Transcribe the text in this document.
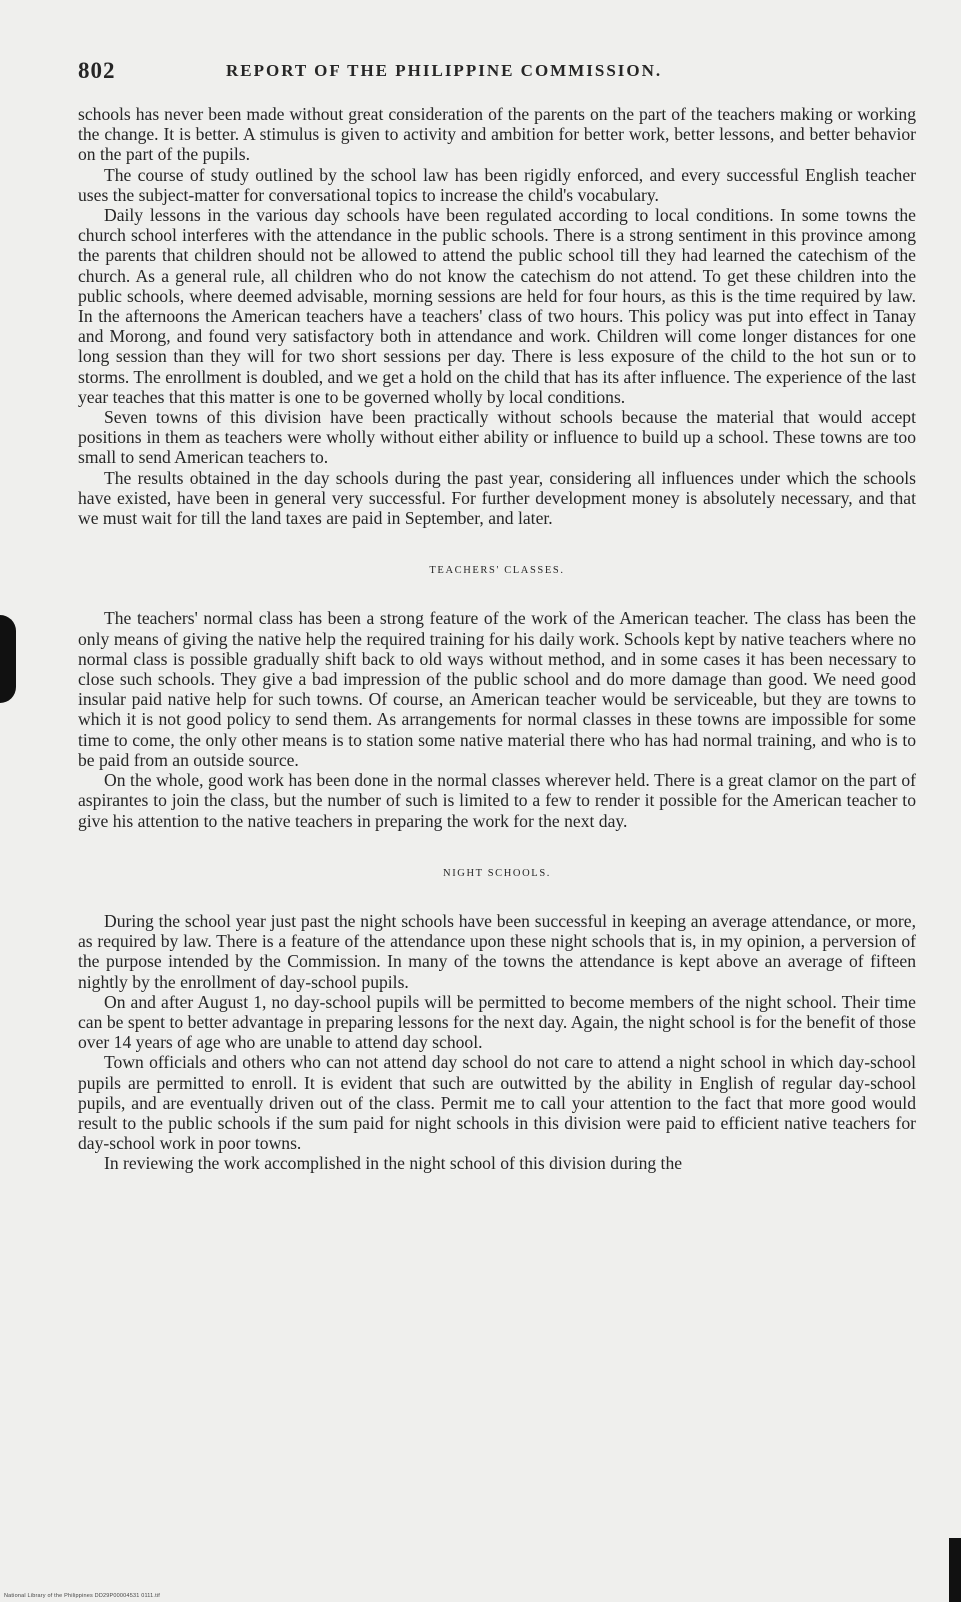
802	REPORT OF THE PHILIPPINE COMMISSION.

schools has never been made without great consideration of the parents on the part of the teachers making or working the change. It is better. A stimulus is given to activity and ambition for better work, better lessons, and better behavior on the part of the pupils.

The course of study outlined by the school law has been rigidly enforced, and every successful English teacher uses the subject-matter for conversational topics to increase the child's vocabulary.

Daily lessons in the various day schools have been regulated according to local conditions. In some towns the church school interferes with the attendance in the public schools. There is a strong sentiment in this province among the parents that children should not be allowed to attend the public school till they had learned the catechism of the church. As a general rule, all children who do not know the catechism do not attend. To get these children into the public schools, where deemed advisable, morning sessions are held for four hours, as this is the time required by law. In the afternoons the American teachers have a teachers' class of two hours. This policy was put into effect in Tanay and Morong, and found very satisfactory both in attendance and work. Children will come longer distances for one long session than they will for two short sessions per day. There is less exposure of the child to the hot sun or to storms. The enrollment is doubled, and we get a hold on the child that has its after influence. The experience of the last year teaches that this matter is one to be governed wholly by local conditions.

Seven towns of this division have been practically without schools because the material that would accept positions in them as teachers were wholly without either ability or influence to build up a school. These towns are too small to send American teachers to.

The results obtained in the day schools during the past year, considering all influences under which the schools have existed, have been in general very successful. For further development money is absolutely necessary, and that we must wait for till the land taxes are paid in September, and later.

TEACHERS' CLASSES.

The teachers' normal class has been a strong feature of the work of the American teacher. The class has been the only means of giving the native help the required training for his daily work. Schools kept by native teachers where no normal class is possible gradually shift back to old ways without method, and in some cases it has been necessary to close such schools. They give a bad impression of the public school and do more damage than good. We need good insular paid native help for such towns. Of course, an American teacher would be serviceable, but they are towns to which it is not good policy to send them. As arrangements for normal classes in these towns are impossible for some time to come, the only other means is to station some native material there who has had normal training, and who is to be paid from an outside source.

On the whole, good work has been done in the normal classes wherever held. There is a great clamor on the part of aspirantes to join the class, but the number of such is limited to a few to render it possible for the American teacher to give his attention to the native teachers in preparing the work for the next day.

NIGHT SCHOOLS.

During the school year just past the night schools have been successful in keeping an average attendance, or more, as required by law. There is a feature of the attendance upon these night schools that is, in my opinion, a perversion of the purpose intended by the Commission. In many of the towns the attendance is kept above an average of fifteen nightly by the enrollment of day-school pupils.

On and after August 1, no day-school pupils will be permitted to become members of the night school. Their time can be spent to better advantage in preparing lessons for the next day. Again, the night school is for the benefit of those over 14 years of age who are unable to attend day school.

Town officials and others who can not attend day school do not care to attend a night school in which day-school pupils are permitted to enroll. It is evident that such are outwitted by the ability in English of regular day-school pupils, and are eventually driven out of the class. Permit me to call your attention to the fact that more good would result to the public schools if the sum paid for night schools in this division were paid to efficient native teachers for day-school work in poor towns.

In reviewing the work accomplished in the night school of this division during the

National Library of the Philippines DD29P00004531 0111.tif
